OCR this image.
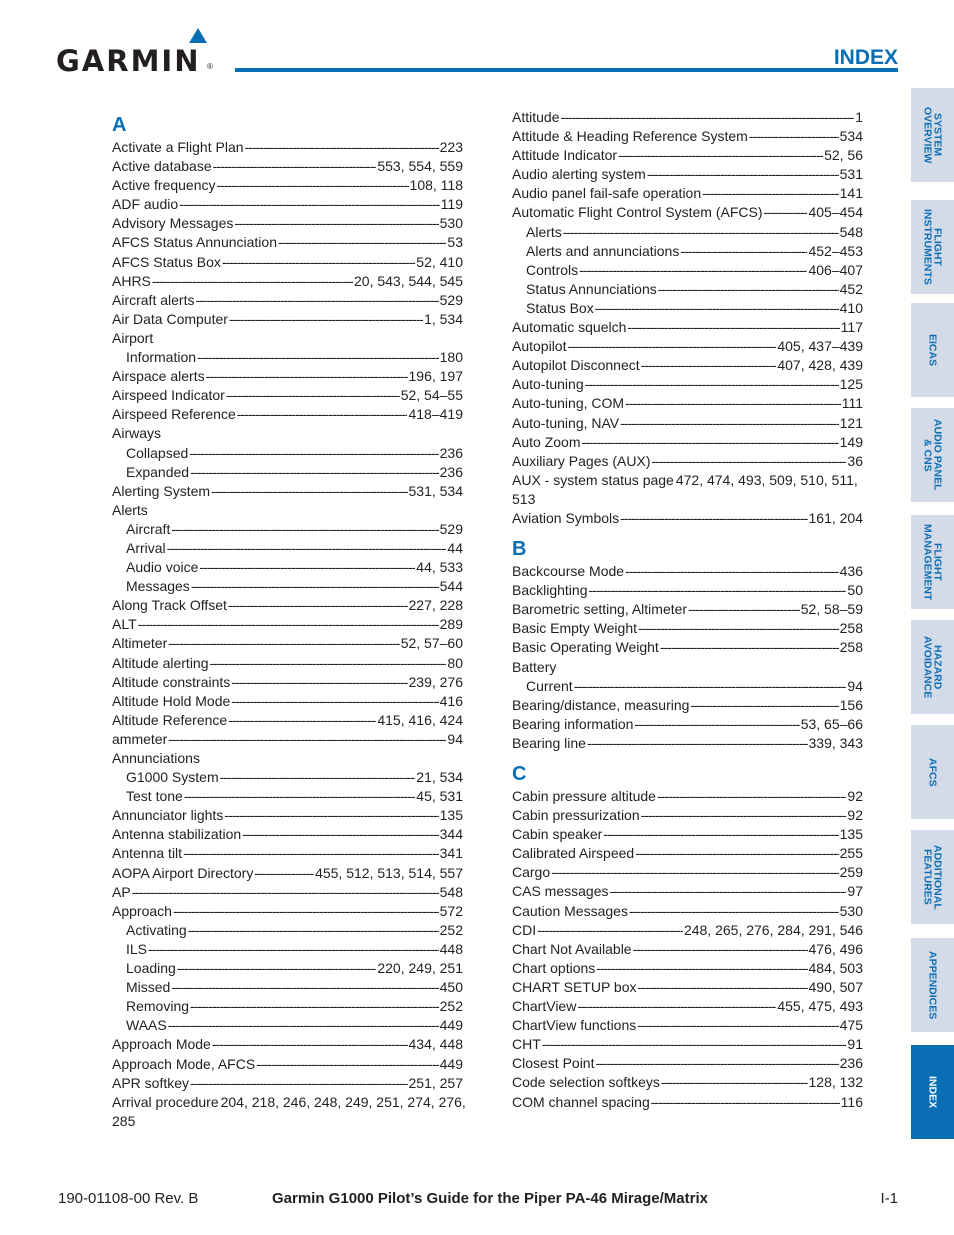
GARMIN ®	INDEX
A
Activate a Flight Plan -----	223
Active database -----	553, 554, 559
Active frequency -----	108, 118
ADF audio -----	119
Advisory Messages -----	530
AFCS Status Annunciation -----	53
AFCS Status Box -----	52, 410
AHRS -----	20, 543, 544, 545
Aircraft alerts -----	529
Air Data Computer -----	1, 534
Airport
Information -----	180
Airspace alerts -----	196, 197
Airspeed Indicator -----	52, 54–55
Airspeed Reference -----	418–419
Airways
Collapsed -----	236
Expanded -----	236
Alerting System -----	531, 534
Alerts
Aircraft -----	529
Arrival -----	44
Audio voice -----	44, 533
Messages -----	544
Along Track Offset -----	227, 228
ALT -----	289
Altimeter -----	52, 57–60
Altitude alerting -----	80
Altitude constraints -----	239, 276
Altitude Hold Mode -----	416
Altitude Reference -----	415, 416, 424
ammeter -----	94
Annunciations
G1000 System -----	21, 534
Test tone -----	45, 531
Annunciator lights -----	135
Antenna stabilization -----	344
Antenna tilt -----	341
AOPA Airport Directory -----	455, 512, 513, 514, 557
AP -----	548
Approach -----	572
Activating -----	252
ILS -----	448
Loading -----	220, 249, 251
Missed -----	450
Removing -----	252
WAAS -----	449
Approach Mode -----	434, 448
Approach Mode, AFCS -----	449
APR softkey -----	251, 257
Arrival procedure 204, 218, 246, 248, 249, 251, 274, 276, 285
Attitude -----	1
Attitude & Heading Reference System -----	534
Attitude Indicator -----	52, 56
Audio alerting system -----	531
Audio panel fail-safe operation -----	141
Automatic Flight Control System (AFCS) -----	405–454
Alerts -----	548
Alerts and annunciations -----	452–453
Controls -----	406–407
Status Annunciations -----	452
Status Box -----	410
Automatic squelch -----	117
Autopilot -----	405, 437–439
Autopilot Disconnect -----	407, 428, 439
Auto-tuning -----	125
Auto-tuning, COM -----	111
Auto-tuning, NAV -----	121
Auto Zoom -----	149
Auxiliary Pages (AUX) -----	36
AUX - system status page 472, 474, 493, 509, 510, 511, 513
Aviation Symbols -----	161, 204
B
Backcourse Mode -----	436
Backlighting -----	50
Barometric setting, Altimeter -----	52, 58–59
Basic Empty Weight -----	258
Basic Operating Weight -----	258
Battery
Current -----	94
Bearing/distance, measuring -----	156
Bearing information -----	53, 65–66
Bearing line -----	339, 343
C
Cabin pressure altitude -----	92
Cabin pressurization -----	92
Cabin speaker -----	135
Calibrated Airspeed -----	255
Cargo -----	259
CAS messages -----	97
Caution Messages -----	530
CDI -----	248, 265, 276, 284, 291, 546
Chart Not Available -----	476, 496
Chart options -----	484, 503
CHART SETUP box -----	490, 507
ChartView -----	455, 475, 493
ChartView functions -----	475
CHT -----	91
Closest Point -----	236
Code selection softkeys -----	128, 132
COM channel spacing -----	116
SYSTEM
OVERVIEW
FLIGHT
INSTRUMENTS
EICAS
AUDIO PANEL
& CNS
FLIGHT
MANAGEMENT
HAZARD
AVOIDANCE
AFCS
ADDITIONAL
FEATURES
APPENDICES
INDEX
190-01108-00 Rev. B	Garmin G1000 Pilot’s Guide for the Piper PA-46 Mirage/Matrix	I-1
